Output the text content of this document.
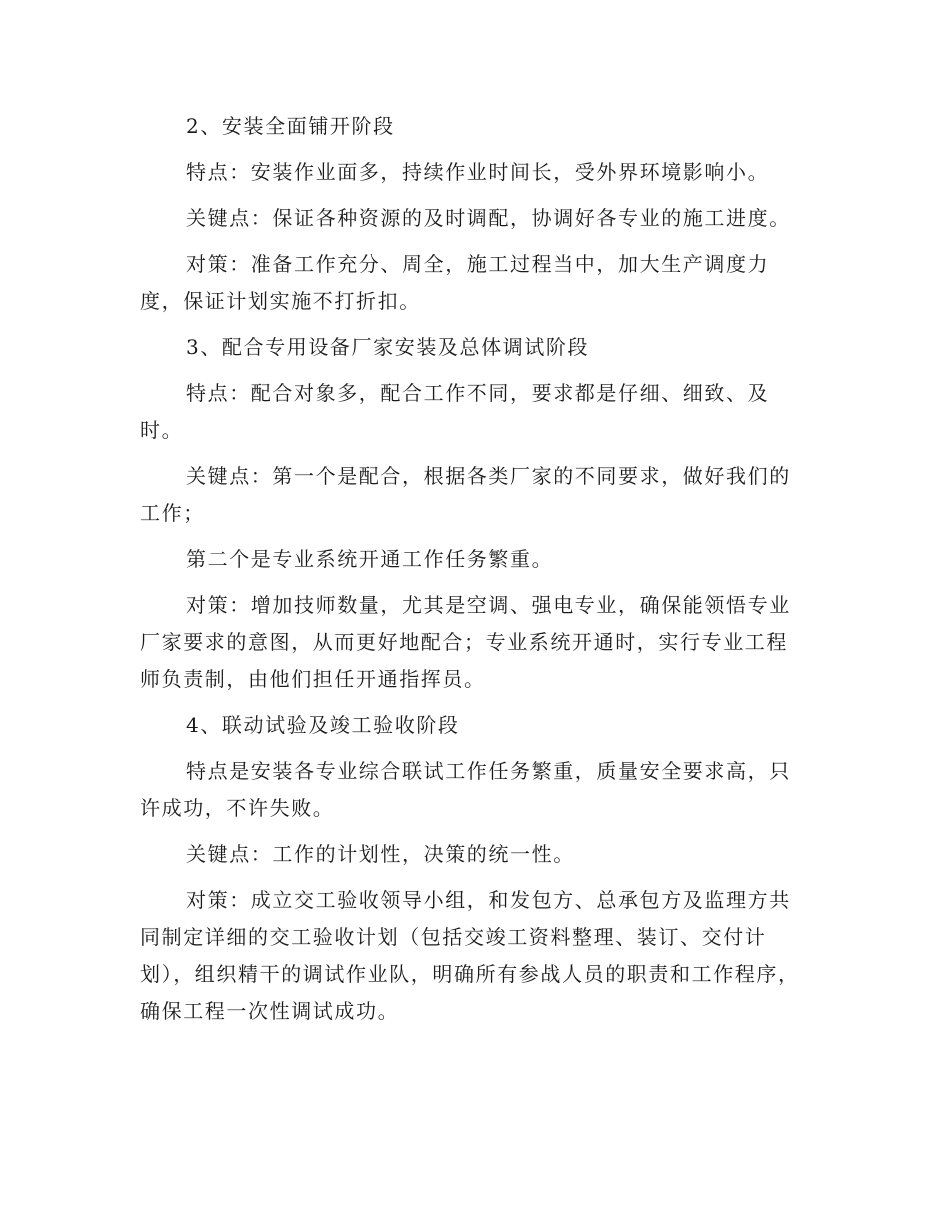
2、安装全面铺开阶段

特点：安装作业面多，持续作业时间长，受外界环境影响小。

关键点：保证各种资源的及时调配，协调好各专业的施工进度。

对策：准备工作充分、周全，施工过程当中，加大生产调度力度，保证计划实施不打折扣。

3、配合专用设备厂家安装及总体调试阶段

特点：配合对象多，配合工作不同，要求都是仔细、细致、及时。

关键点：第一个是配合，根据各类厂家的不同要求，做好我们的工作；

第二个是专业系统开通工作任务繁重。

对策：增加技师数量，尤其是空调、强电专业，确保能领悟专业厂家要求的意图，从而更好地配合；专业系统开通时，实行专业工程师负责制，由他们担任开通指挥员。

4、联动试验及竣工验收阶段

特点是安装各专业综合联试工作任务繁重，质量安全要求高，只许成功，不许失败。

关键点：工作的计划性，决策的统一性。

对策：成立交工验收领导小组，和发包方、总承包方及监理方共同制定详细的交工验收计划（包括交竣工资料整理、装订、交付计划），组织精干的调试作业队，明确所有参战人员的职责和工作程序，确保工程一次性调试成功。
